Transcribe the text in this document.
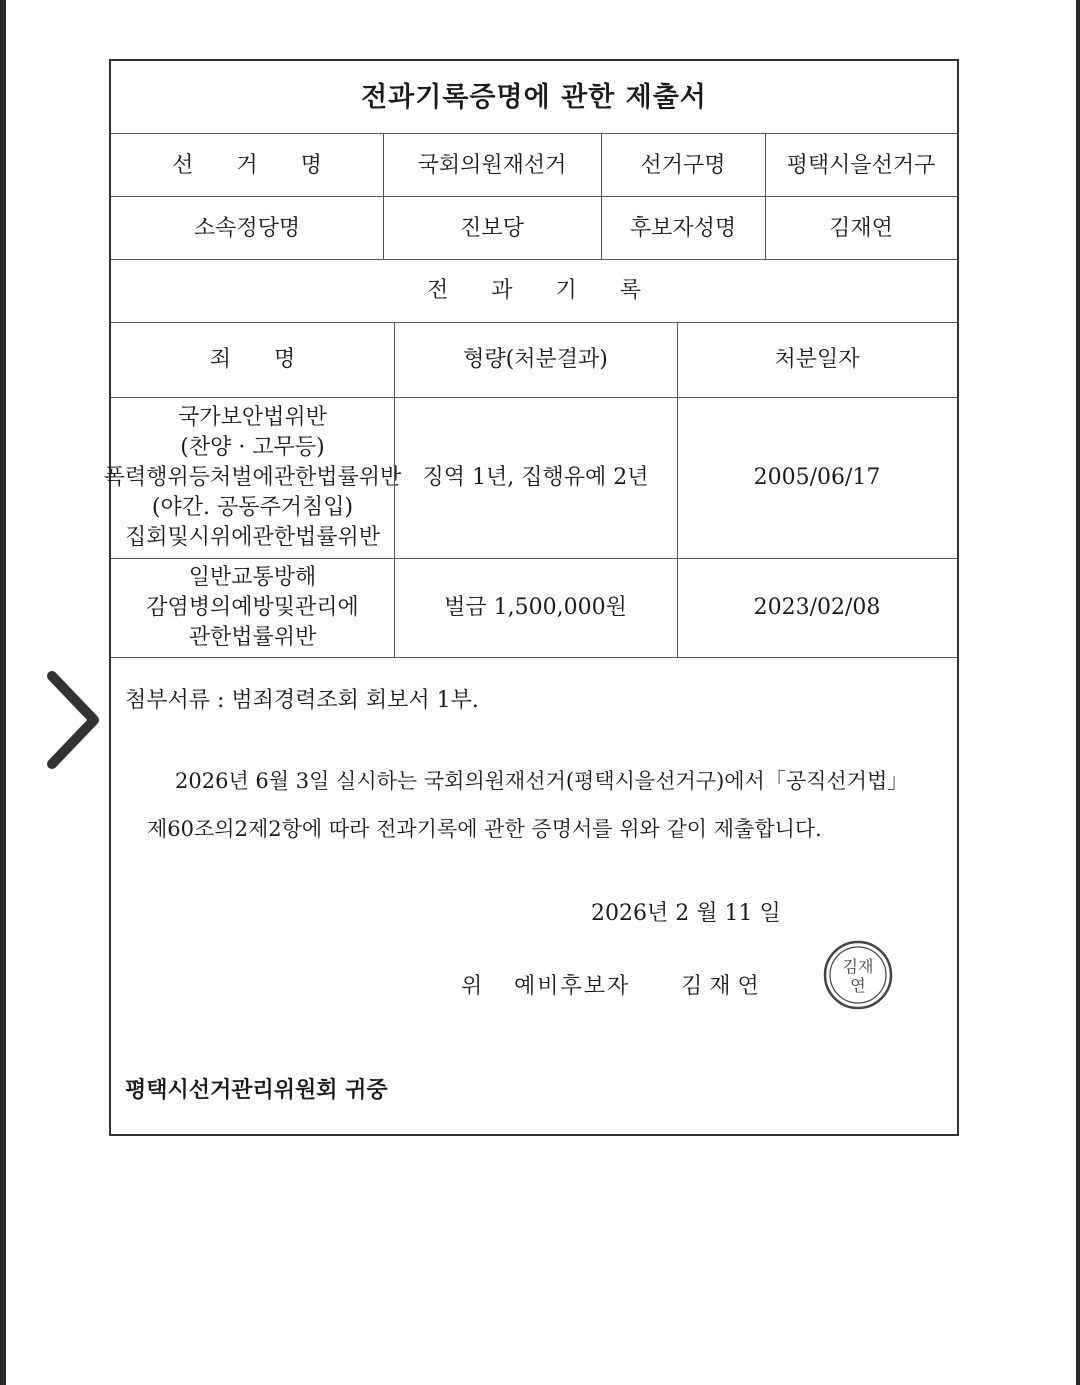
전과기록증명에 관한 제출서
선 거 명	국회의원재선거	선거구명	평택시을선거구
소속정당명	진보당	후보자성명	김재연
전 과 기 록
죄 명	형량(처분결과)	처분일자
국가보안법위반
(찬양 · 고무등)
폭력행위등처벌에관한법률위반
(야간. 공동주거침입)
집회및시위에관한법률위반
징역 1년, 집행유예 2년	2005/06/17
일반교통방해
감염병의예방및관리에
관한법률위반
벌금 1,500,000원	2023/02/08
첨부서류 : 범죄경력조회 회보서 1부.
2026년 6월 3일 실시하는 국회의원재선거(평택시을선거구)에서「공직선거법」
제60조의2제2항에 따라 전과기록에 관한 증명서를 위와 같이 제출합니다.
2026년 2 월 11 일
위 예비후보자 김 재 연
김재
연
평택시선거관리위원회 귀중
